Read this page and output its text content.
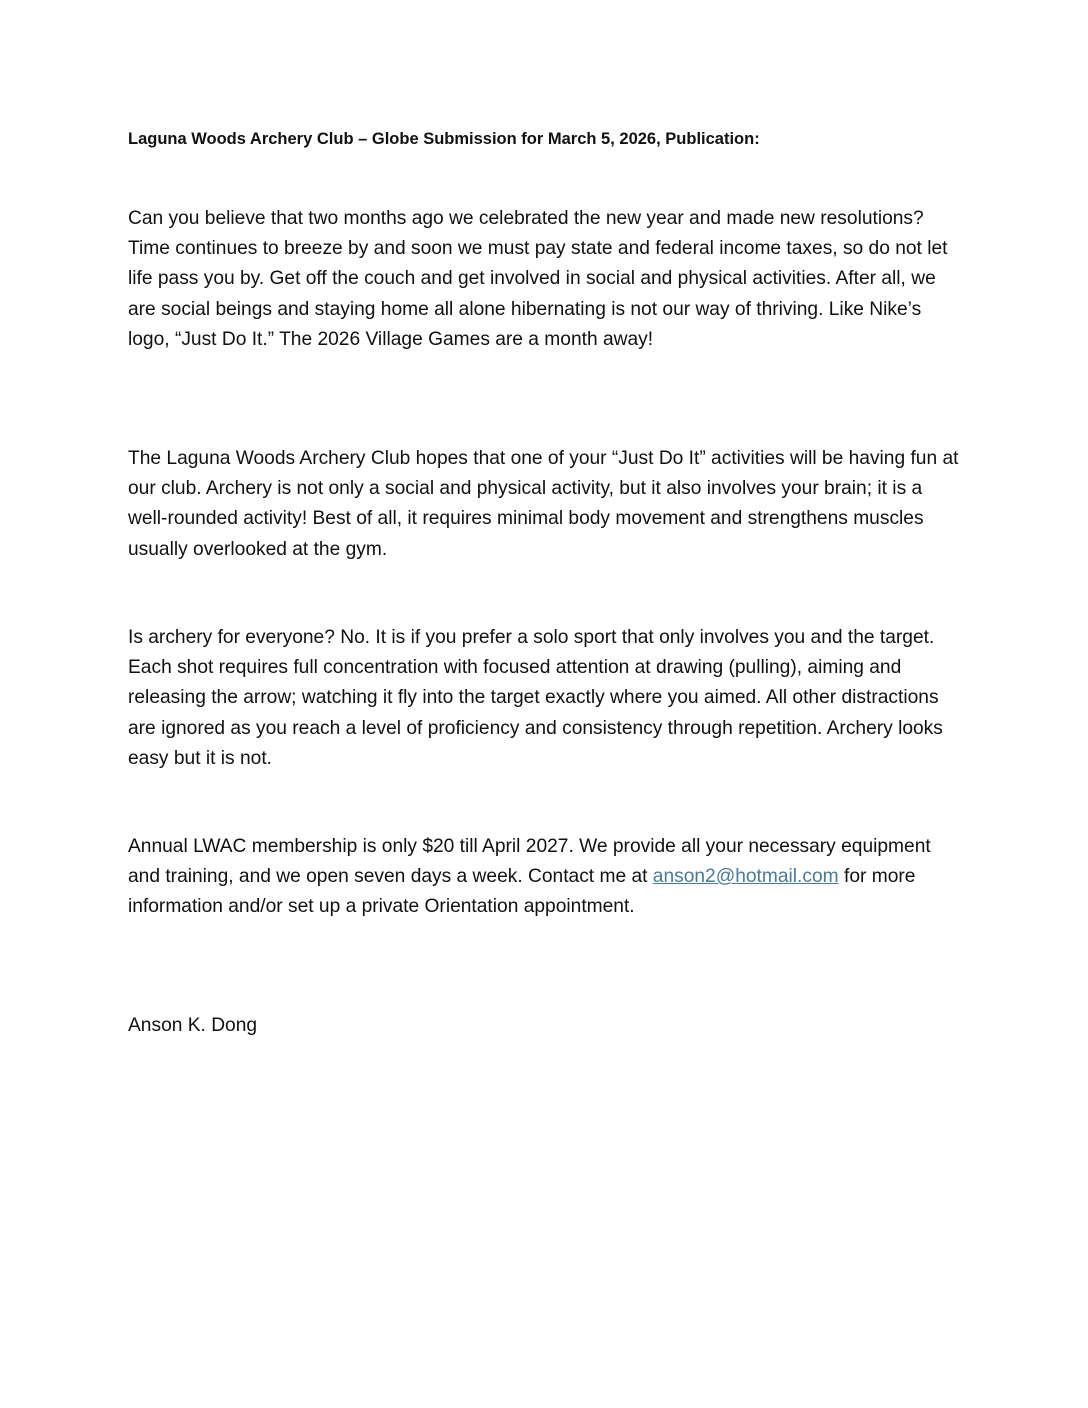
Laguna Woods Archery Club – Globe Submission for March 5, 2026, Publication:

Can you believe that two months ago we celebrated the new year and made new resolutions? Time continues to breeze by and soon we must pay state and federal income taxes, so do not let life pass you by. Get off the couch and get involved in social and physical activities. After all, we are social beings and staying home all alone hibernating is not our way of thriving. Like Nike’s logo, “Just Do It.” The 2026 Village Games are a month away!

The Laguna Woods Archery Club hopes that one of your “Just Do It” activities will be having fun at our club. Archery is not only a social and physical activity, but it also involves your brain; it is a well-rounded activity! Best of all, it requires minimal body movement and strengthens muscles usually overlooked at the gym.

Is archery for everyone? No. It is if you prefer a solo sport that only involves you and the target. Each shot requires full concentration with focused attention at drawing (pulling), aiming and releasing the arrow; watching it fly into the target exactly where you aimed. All other distractions are ignored as you reach a level of proficiency and consistency through repetition. Archery looks easy but it is not.

Annual LWAC membership is only $20 till April 2027. We provide all your necessary equipment and training, and we open seven days a week. Contact me at anson2@hotmail.com for more information and/or set up a private Orientation appointment.

Anson K. Dong
